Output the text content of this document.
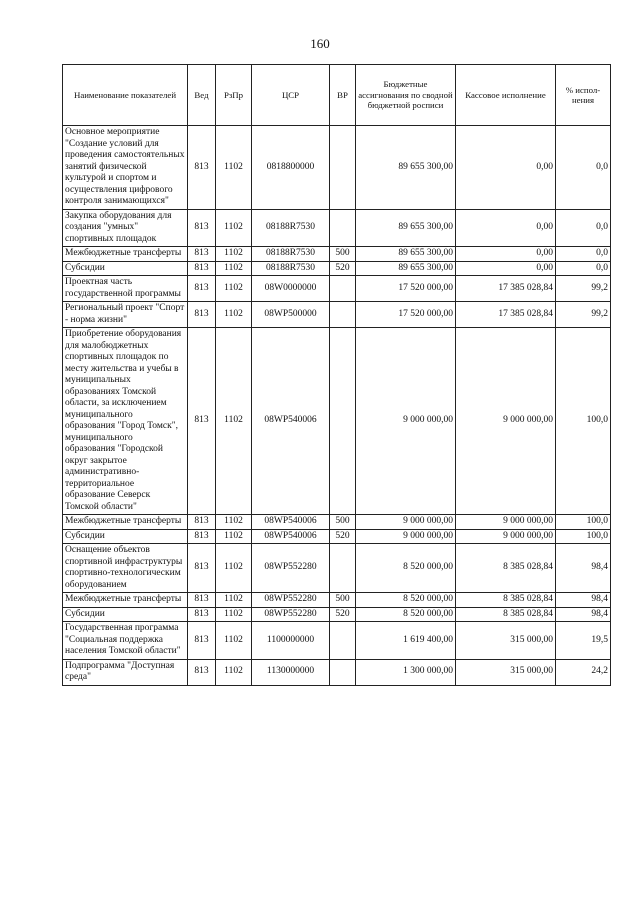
160
Наименование показателей	Вед	РзПр	ЦСР	ВР	Бюджетные ассигнования по сводной бюджетной росписи	Кассовое исполнение	% испол-нения
Основное мероприятие "Создание условий для проведения самостоятельных занятий физической культурой и спортом и осуществления цифрового контроля занимающихся"	813	1102	0818800000		89 655 300,00	0,00	0,0
Закупка оборудования для создания "умных" спортивных площадок	813	1102	08188R7530		89 655 300,00	0,00	0,0
Межбюджетные трансферты	813	1102	08188R7530	500	89 655 300,00	0,00	0,0
Субсидии	813	1102	08188R7530	520	89 655 300,00	0,00	0,0
Проектная часть государственной программы	813	1102	08W0000000		17 520 000,00	17 385 028,84	99,2
Региональный проект "Спорт - норма жизни"	813	1102	08WP500000		17 520 000,00	17 385 028,84	99,2
Приобретение оборудования для малобюджетных спортивных площадок по месту жительства и учебы в муниципальных образованиях Томской области, за исключением муниципального образования "Город Томск", муниципального образования "Городской округ закрытое административно-территориальное образование Северск Томской области"	813	1102	08WP540006		9 000 000,00	9 000 000,00	100,0
Межбюджетные трансферты	813	1102	08WP540006	500	9 000 000,00	9 000 000,00	100,0
Субсидии	813	1102	08WP540006	520	9 000 000,00	9 000 000,00	100,0
Оснащение объектов спортивной инфраструктуры спортивно-технологическим оборудованием	813	1102	08WP552280		8 520 000,00	8 385 028,84	98,4
Межбюджетные трансферты	813	1102	08WP552280	500	8 520 000,00	8 385 028,84	98,4
Субсидии	813	1102	08WP552280	520	8 520 000,00	8 385 028,84	98,4
Государственная программа "Социальная поддержка населения Томской области"	813	1102	1100000000		1 619 400,00	315 000,00	19,5
Подпрограмма "Доступная среда"	813	1102	1130000000		1 300 000,00	315 000,00	24,2
